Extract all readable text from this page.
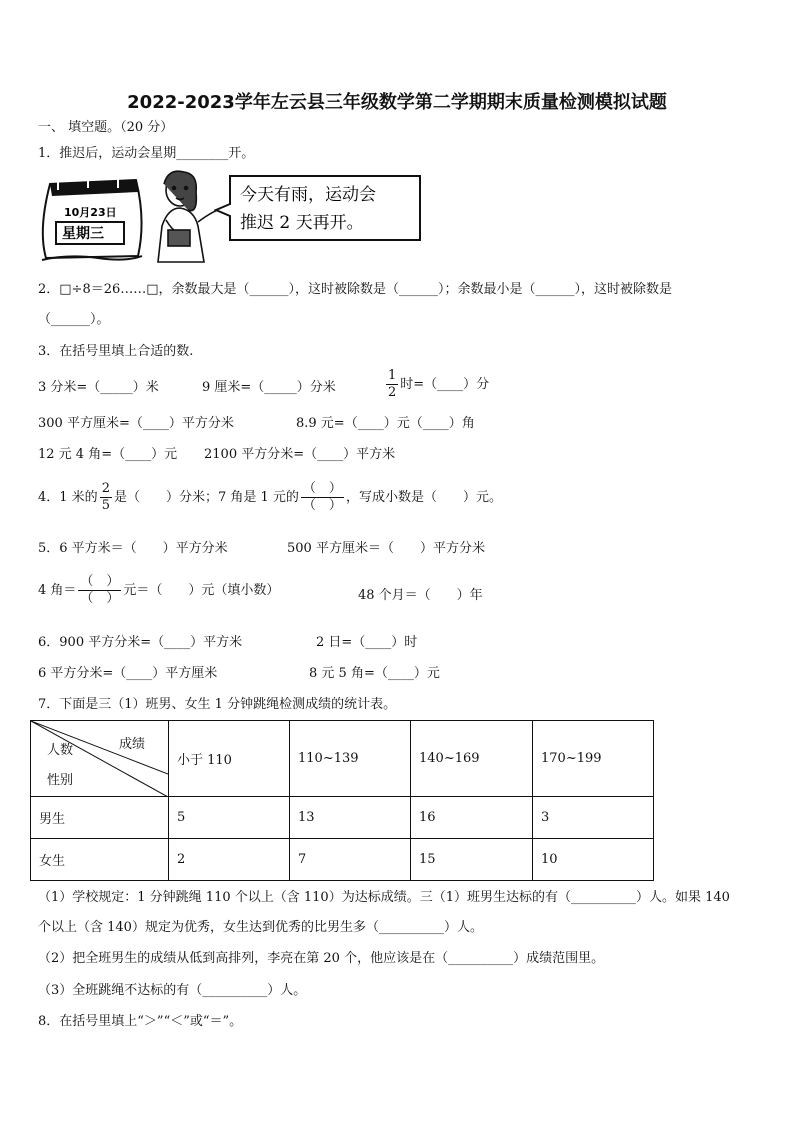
2022-2023学年左云县三年级数学第二学期期末质量检测模拟试题
一、 填空题。（20 分）
1．推迟后，运动会星期________开。
10月23日
星期三
今天有雨，运动会
推迟 2 天再开。
2．□÷8＝26……□，余数最大是（______），这时被除数是（______）；余数最小是（______），这时被除数是
（______）。
3．在括号里填上合适的数.
3 分米=（_____）米	9 厘米=（_____）分米	$\frac{1}{2}$ 时=（____）分
300 平方厘米=（____）平方分米	8.9 元=（____）元（____）角
12 元 4 角=（____）元 2100 平方分米=（____）平方米
4．1 米的 $\frac{2}{5}$ 是（　　）分米；7 角是 1 元的 $\frac{( )}{( )}$ ，写成小数是（　　）元。
5．6 平方米＝（　　）平方分米	500 平方厘米＝（　　）平方分米
4 角＝ $\frac{( )}{( )}$ 元＝（　　）元（填小数）	48 个月＝（　　）年
6．900 平方分米=（____）平方米	2 日=（____）时
6 平方分米=（____）平方厘米	8 元 5 角=（____）元
7．下面是三（1）班男、女生 1 分钟跳绳检测成绩的统计表。
人数 成绩
性别	小于 110	110~139	140~169	170~199
男生	5	13	16	3
女生	2	7	15	10
（1）学校规定：1 分钟跳绳 110 个以上（含 110）为达标成绩。三（1）班男生达标的有（__________）人。如果 140
个以上（含 140）规定为优秀，女生达到优秀的比男生多（__________）人。
（2）把全班男生的成绩从低到高排列，李亮在第 20 个，他应该是在（__________）成绩范围里。
（3）全班跳绳不达标的有（__________）人。
8．在括号里填上“＞”“＜”或“＝”。
